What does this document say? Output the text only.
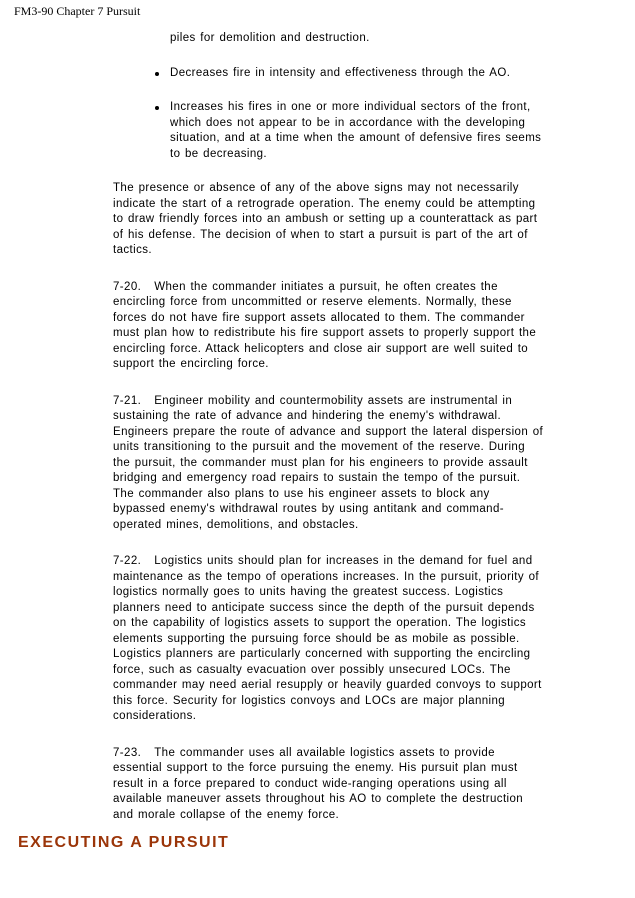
FM3-90 Chapter 7 Pursuit
piles for demolition and destruction.
Decreases fire in intensity and effectiveness through the AO.
Increases his fires in one or more individual sectors of the front, which does not appear to be in accordance with the developing situation, and at a time when the amount of defensive fires seems to be decreasing.
The presence or absence of any of the above signs may not necessarily indicate the start of a retrograde operation. The enemy could be attempting to draw friendly forces into an ambush or setting up a counterattack as part of his defense. The decision of when to start a pursuit is part of the art of tactics.
7-20. When the commander initiates a pursuit, he often creates the encircling force from uncommitted or reserve elements. Normally, these forces do not have fire support assets allocated to them. The commander must plan how to redistribute his fire support assets to properly support the encircling force. Attack helicopters and close air support are well suited to support the encircling force.
7-21. Engineer mobility and countermobility assets are instrumental in sustaining the rate of advance and hindering the enemy's withdrawal. Engineers prepare the route of advance and support the lateral dispersion of units transitioning to the pursuit and the movement of the reserve. During the pursuit, the commander must plan for his engineers to provide assault bridging and emergency road repairs to sustain the tempo of the pursuit. The commander also plans to use his engineer assets to block any bypassed enemy's withdrawal routes by using antitank and command-operated mines, demolitions, and obstacles.
7-22. Logistics units should plan for increases in the demand for fuel and maintenance as the tempo of operations increases. In the pursuit, priority of logistics normally goes to units having the greatest success. Logistics planners need to anticipate success since the depth of the pursuit depends on the capability of logistics assets to support the operation. The logistics elements supporting the pursuing force should be as mobile as possible. Logistics planners are particularly concerned with supporting the encircling force, such as casualty evacuation over possibly unsecured LOCs. The commander may need aerial resupply or heavily guarded convoys to support this force. Security for logistics convoys and LOCs are major planning considerations.
7-23. The commander uses all available logistics assets to provide essential support to the force pursuing the enemy. His pursuit plan must result in a force prepared to conduct wide-ranging operations using all available maneuver assets throughout his AO to complete the destruction and morale collapse of the enemy force.
EXECUTING A PURSUIT
